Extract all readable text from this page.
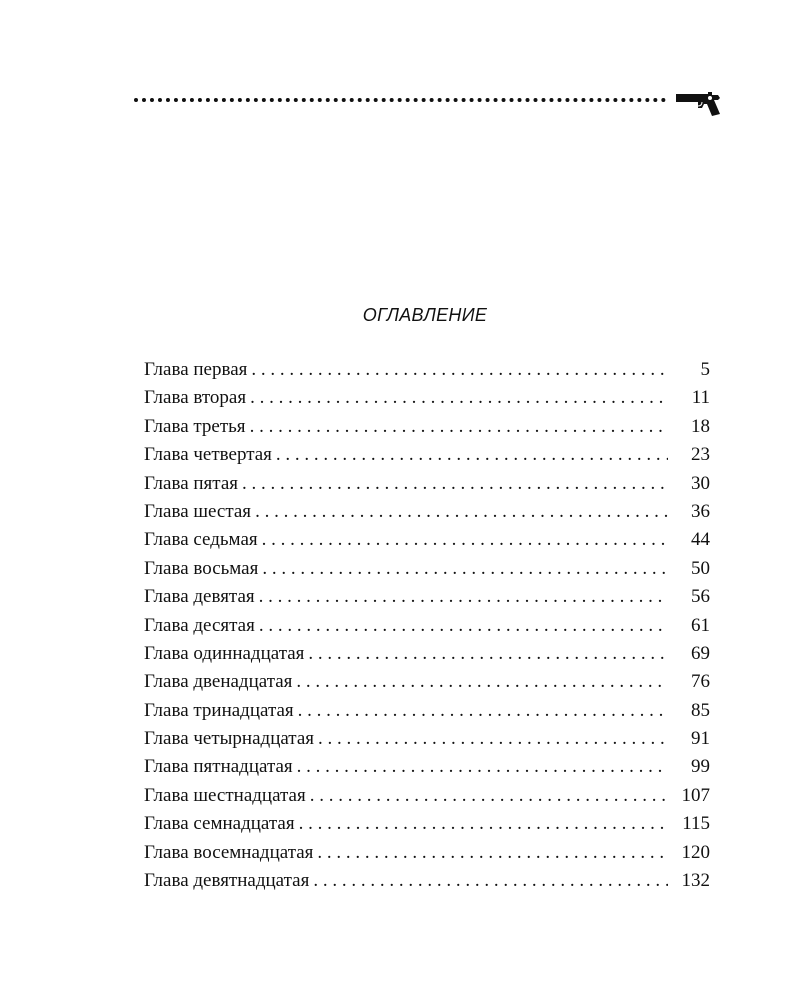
ОГЛАВЛЕНИЕ
Глава первая . . .	5
Глава вторая . . .	11
Глава третья . . .	18
Глава четвертая . . .	23
Глава пятая . . .	30
Глава шестая . . .	36
Глава седьмая . . .	44
Глава восьмая . . .	50
Глава девятая . . .	56
Глава десятая . . .	61
Глава одиннадцатая . . .	69
Глава двенадцатая . . .	76
Глава тринадцатая . . .	85
Глава четырнадцатая . . .	91
Глава пятнадцатая . . .	99
Глава шестнадцатая . . .	107
Глава семнадцатая . . .	115
Глава восемнадцатая . . .	120
Глава девятнадцатая . . .	132
